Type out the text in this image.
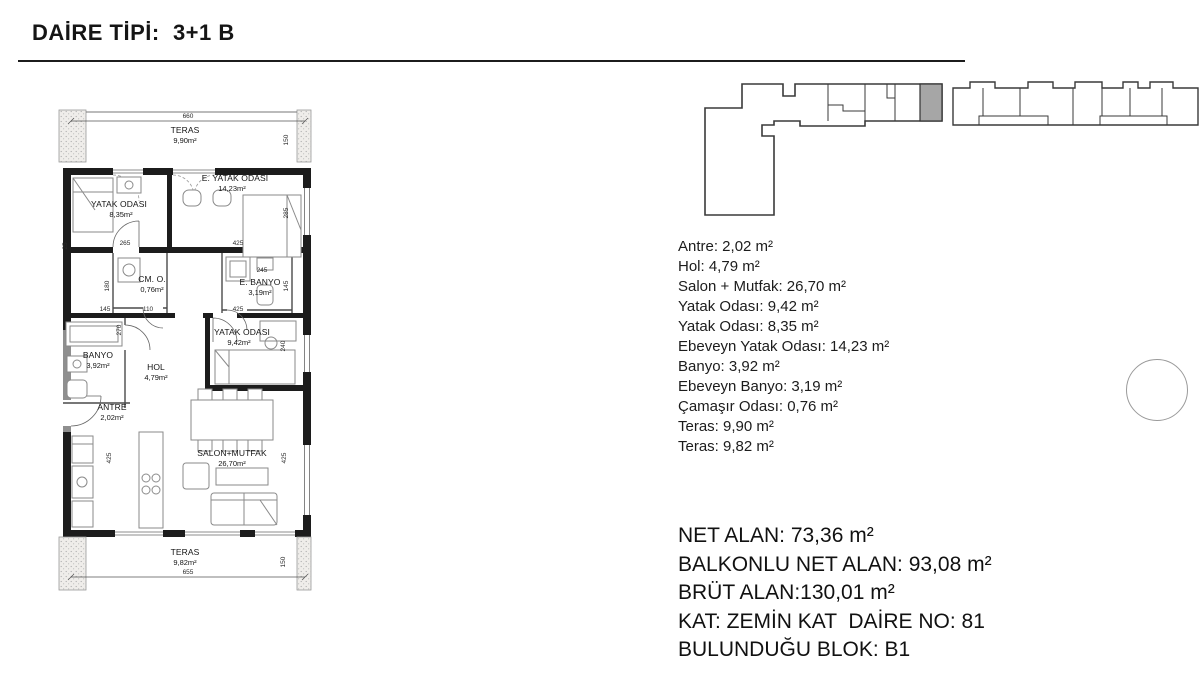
DAİRE TİPİ:  3+1 B
660
TERAS
9,90m²	150
YATAK ODASI
8,35m²
E. YATAK ODASI
14,23m²
CM. O.
0,76m²
E. BANYO
3,19m²
YATAK ODASI
9,42m²
BANYO
3,92m²	HOL
4,79m²
ANTRE
2,02m²
SALON+MUTFAK
26,70m²
25	265	425
285
180
245
145
145	110	425
240
270
425	425
TERAS
9,82m²
655
150
Antre: 2,02 m²
Hol: 4,79 m²
Salon + Mutfak: 26,70 m²
Yatak Odası: 9,42 m²
Yatak Odası: 8,35 m²
Ebeveyn Yatak Odası: 14,23 m²
Banyo: 3,92 m²
Ebeveyn Banyo: 3,19 m²
Çamaşır Odası: 0,76 m²
Teras: 9,90 m²
Teras: 9,82 m²
NET ALAN: 73,36 m²
BALKONLU NET ALAN: 93,08 m²
BRÜT ALAN:130,01 m²
KAT: ZEMİN KAT  DAİRE NO: 81
BULUNDUĞU BLOK: B1
